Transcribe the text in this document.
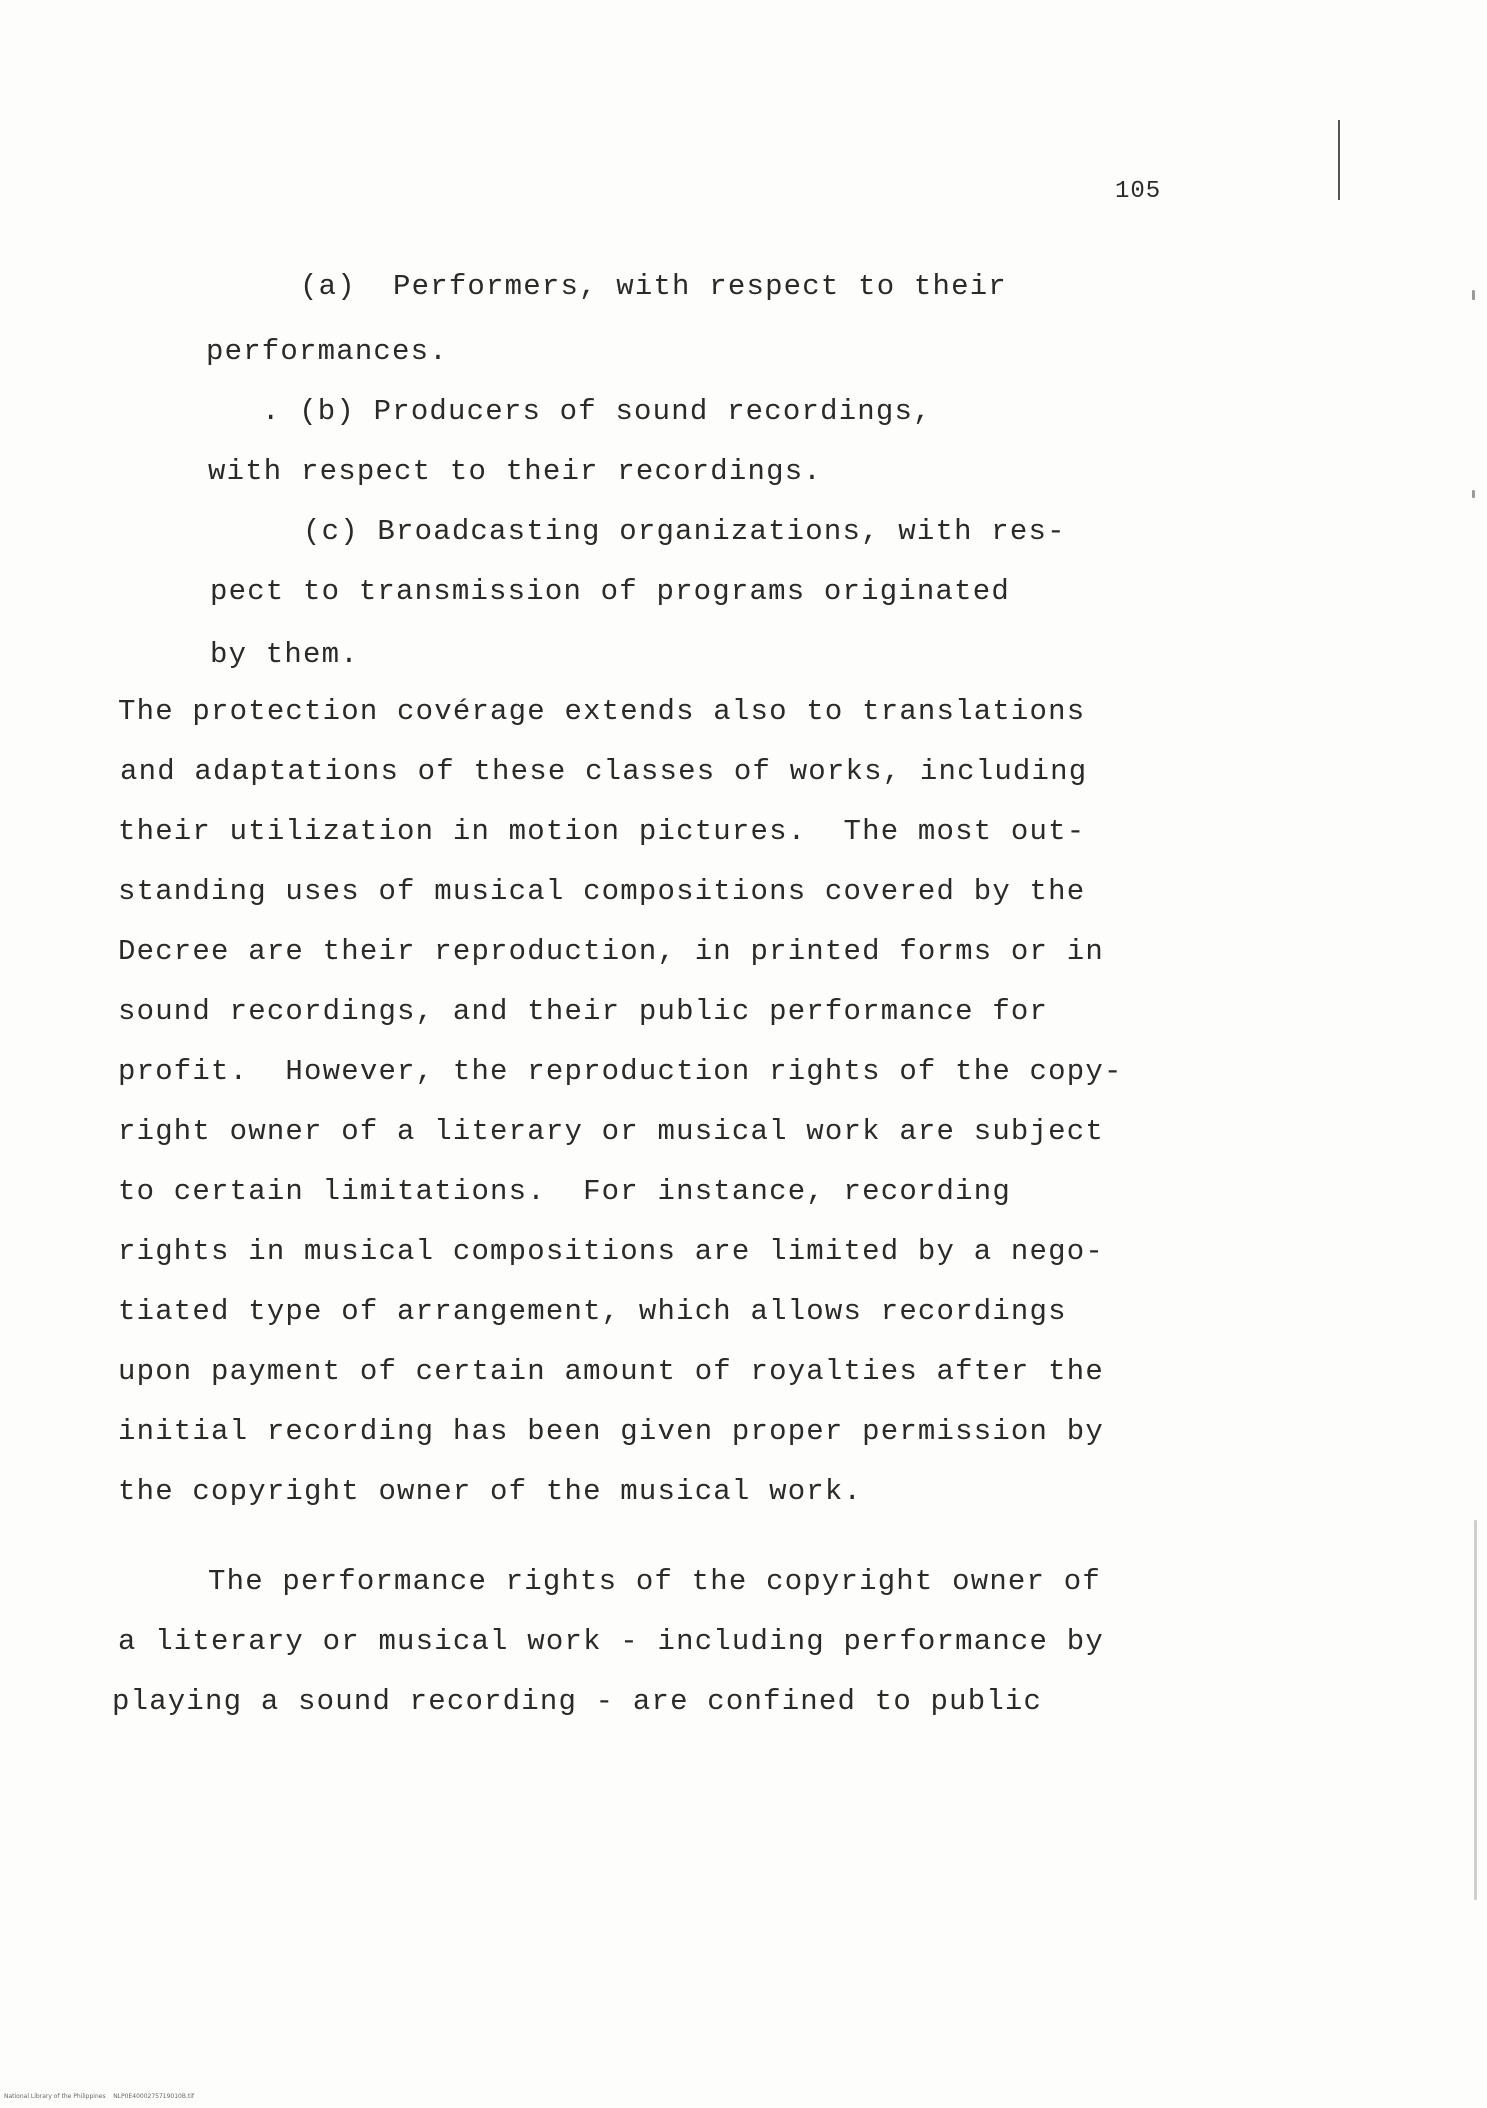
105
(a)  Performers, with respect to their
performances.
. (b) Producers of sound recordings,
with respect to their recordings.
(c) Broadcasting organizations, with res-
pect to transmission of programs originated
by them.
The protection covérage extends also to translations
and adaptations of these classes of works, including
their utilization in motion pictures.  The most out-
standing uses of musical compositions covered by the
Decree are their reproduction, in printed forms or in
sound recordings, and their public performance for
profit.  However, the reproduction rights of the copy-
right owner of a literary or musical work are subject
to certain limitations.  For instance, recording
rights in musical compositions are limited by a nego-
tiated type of arrangement, which allows recordings
upon payment of certain amount of royalties after the
initial recording has been given proper permission by
the copyright owner of the musical work.
The performance rights of the copyright owner of
a literary or musical work - including performance by
playing a sound recording - are confined to public
National Library of the Philippines    NLP0E4000275719010B.tif
